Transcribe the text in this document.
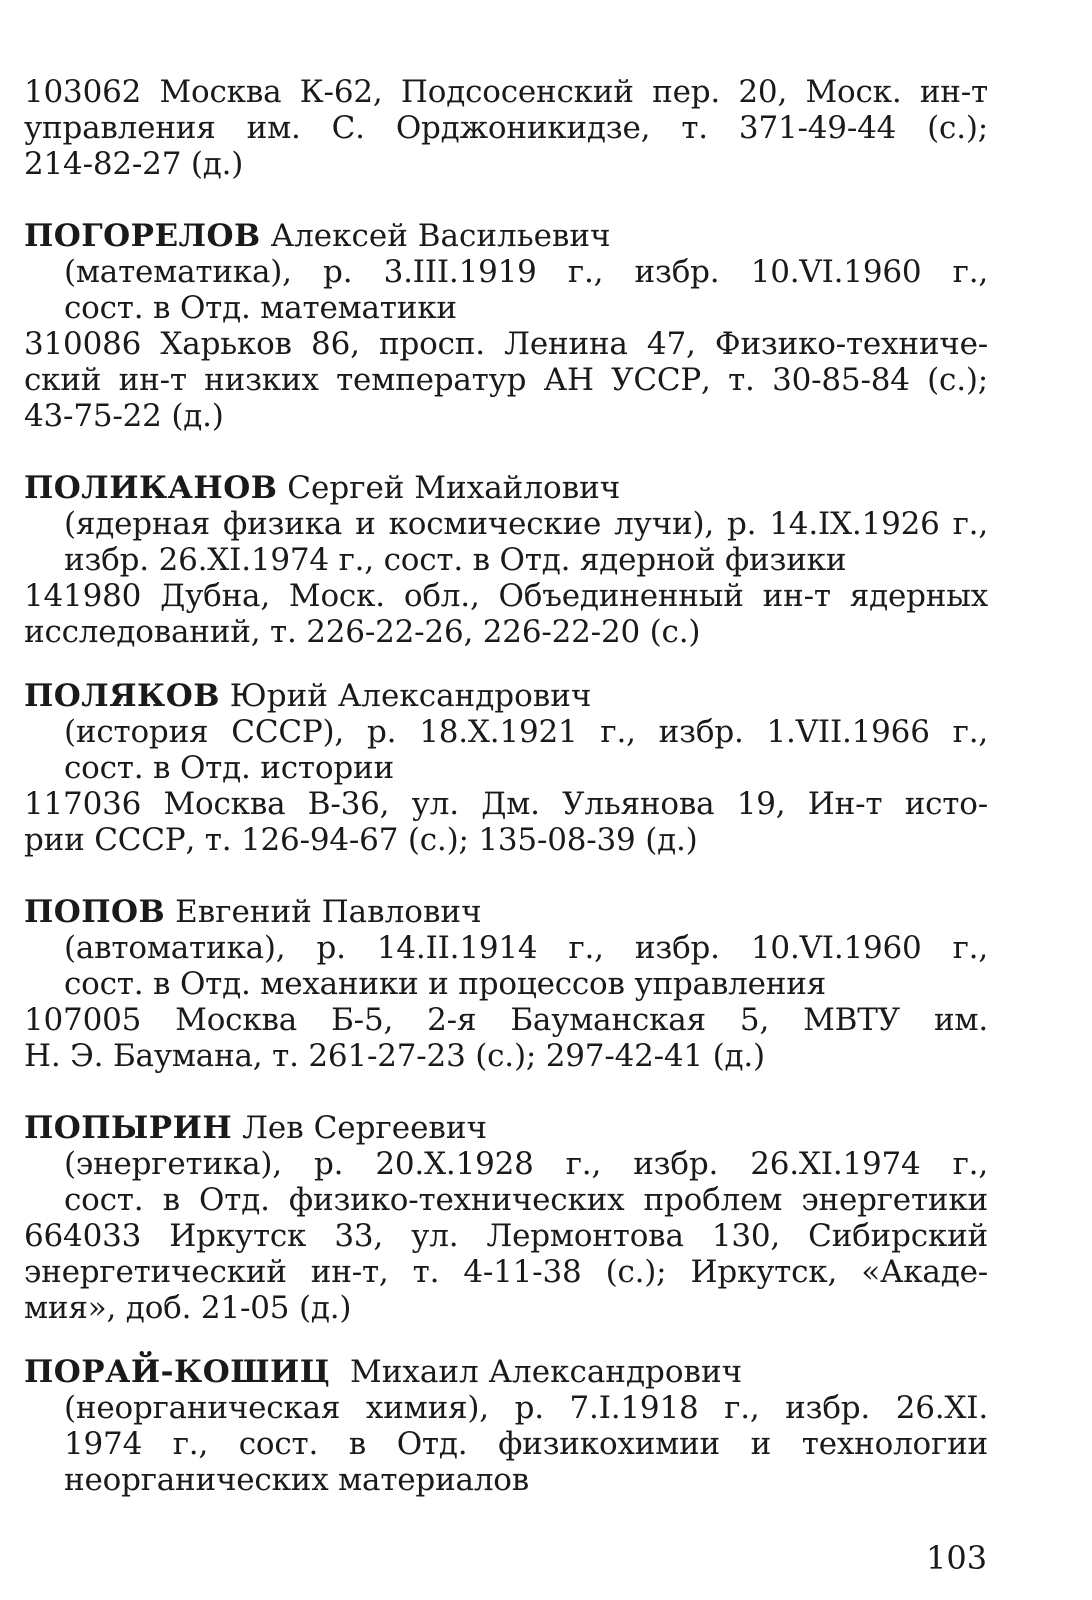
103062 Москва К-62, Подсосенский пер. 20, Моск. ин-т
управления им. С. Орджоникидзе, т. 371-49-44 (с.);
214-82-27 (д.)
ПОГОРЕЛОВ Алексей Васильевич
(математика), р. 3.III.1919 г., избр. 10.VI.1960 г.,
сост. в Отд. математики
310086 Харьков 86, просп. Ленина 47, Физико-техниче-
ский ин-т низких температур АН УССР, т. 30-85-84 (с.);
43-75-22 (д.)
ПОЛИКАНОВ Сергей Михайлович
(ядерная физика и космические лучи), р. 14.IX.1926 г.,
избр. 26.XI.1974 г., сост. в Отд. ядерной физики
141980 Дубна, Моск. обл., Объединенный ин-т ядерных
исследований, т. 226-22-26, 226-22-20 (с.)
ПОЛЯКОВ Юрий Александрович
(история СССР), р. 18.X.1921 г., избр. 1.VII.1966 г.,
сост. в Отд. истории
117036 Москва В-36, ул. Дм. Ульянова 19, Ин-т исто-
рии СССР, т. 126-94-67 (с.); 135-08-39 (д.)
ПОПОВ Евгений Павлович
(автоматика), р. 14.II.1914 г., избр. 10.VI.1960 г.,
сост. в Отд. механики и процессов управления
107005 Москва Б-5, 2-я Бауманская 5, МВТУ им.
Н. Э. Баумана, т. 261-27-23 (с.); 297-42-41 (д.)
ПОПЫРИН Лев Сергеевич
(энергетика), р. 20.X.1928 г., избр. 26.XI.1974 г.,
сост. в Отд. физико-технических проблем энергетики
664033 Иркутск 33, ул. Лермонтова 130, Сибирский
энергетический ин-т, т. 4-11-38 (с.); Иркутск, «Акаде-
мия», доб. 21-05 (д.)
ПОРАЙ-КОШИЦ Михаил Александрович
(неорганическая химия), р. 7.I.1918 г., избр. 26.XI.
1974 г., сост. в Отд. физикохимии и технологии
неорганических материалов
103
